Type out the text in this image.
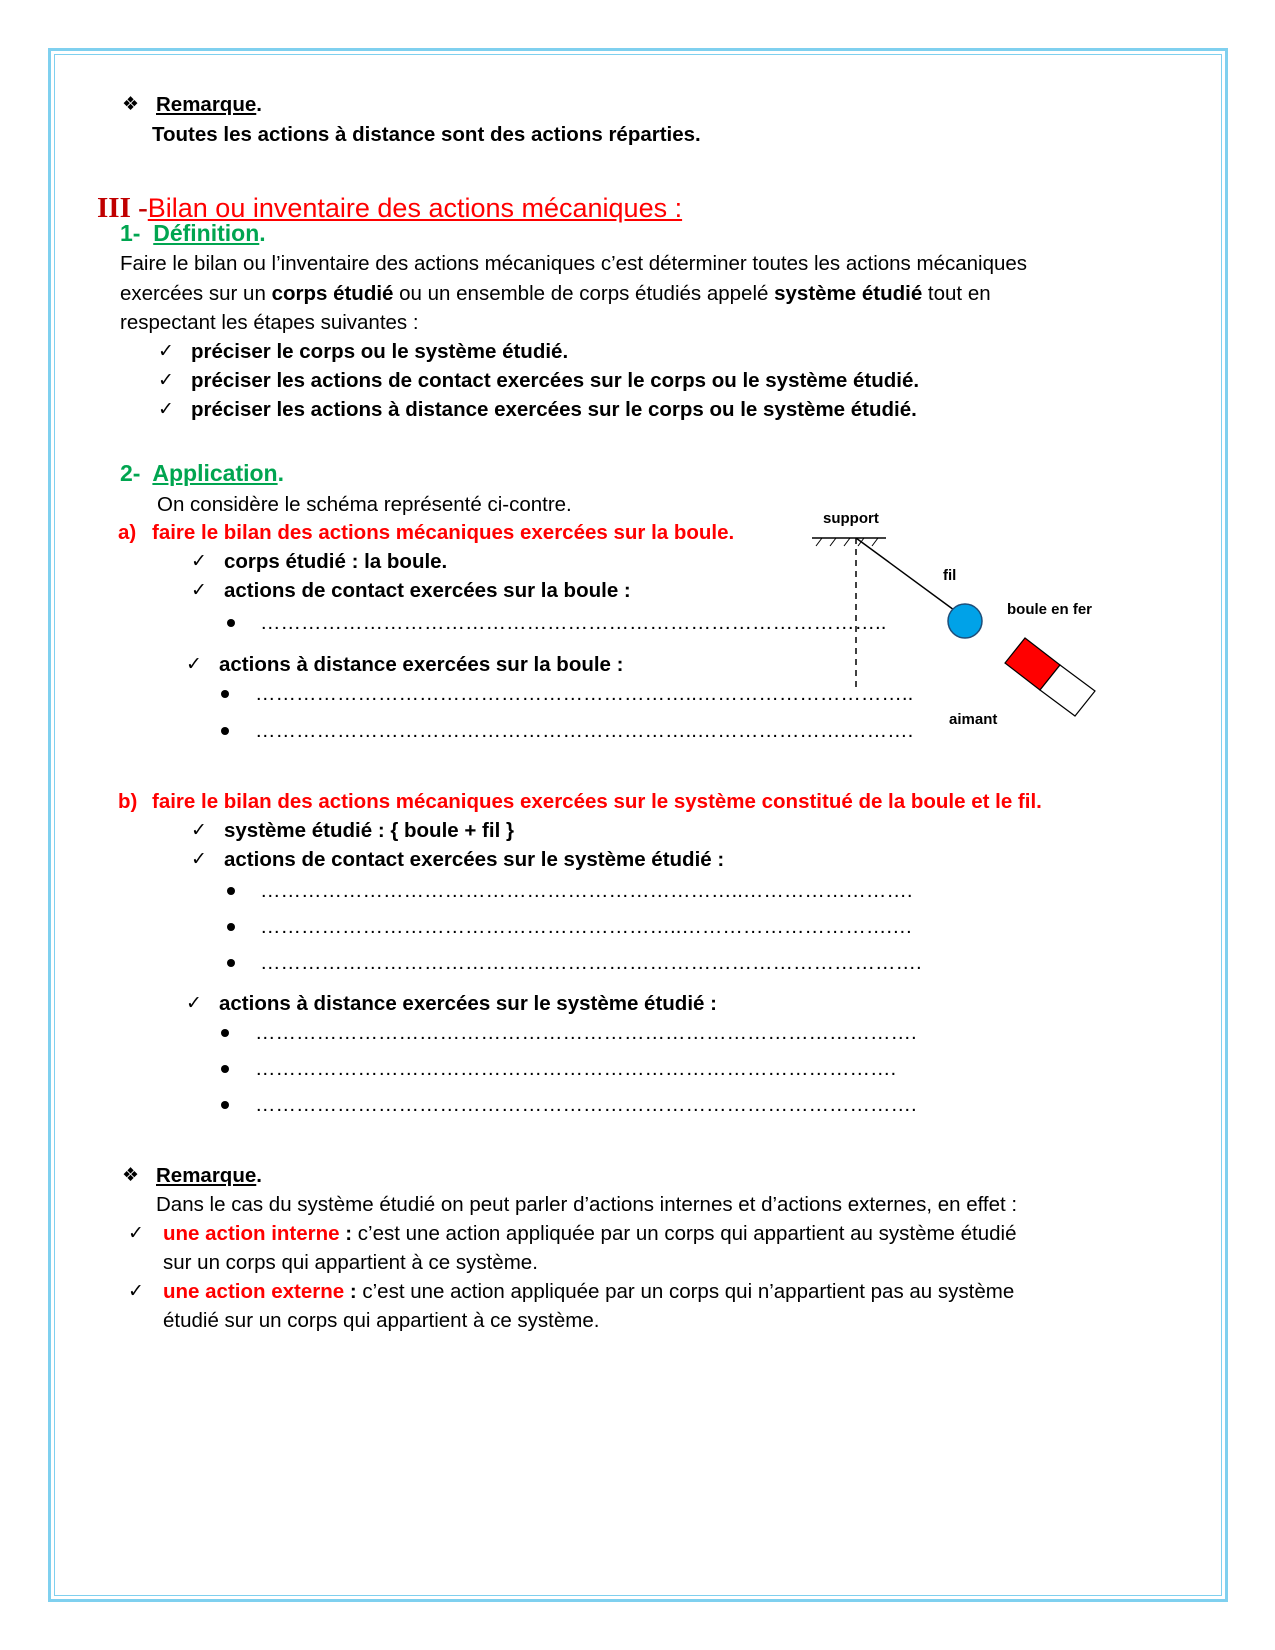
❖ Remarque.
Toutes les actions à distance sont des actions réparties.
III -Bilan ou inventaire des actions mécaniques :
1- Définition.
Faire le bilan ou l’inventaire des actions mécaniques c’est déterminer toutes les actions mécaniques
exercées sur un corps étudié ou un ensemble de corps étudiés appelé système étudié tout en
respectant les étapes suivantes :
✓ préciser le corps ou le système étudié.
✓ préciser les actions de contact exercées sur le corps ou le système étudié.
✓ préciser les actions à distance exercées sur le corps ou le système étudié.
2- Application.
On considère le schéma représenté ci-contre.
a) faire le bilan des actions mécaniques exercées sur la boule.
✓ corps étudié : la boule.
✓ actions de contact exercées sur la boule :
………………………………………………………………………………..
✓ actions à distance exercées sur la boule :
………………………………………………………..…………………………..
………………………………………………………..………………….……….
support
fil
boule en fer
aimant
b) faire le bilan des actions mécaniques exercées sur le système constitué de la boule et le fil.
✓ système étudié : { boule + fil }
✓ actions de contact exercées sur le système étudié :
……………………………………………………………..…………………….
……………………………………………………..………………………….…
…………………………………………………………………………………….
✓ actions à distance exercées sur le système étudié :
…………………………………………………………………………………….
………………………………………………………………………………….
…………………………………………………………………………………….
❖ Remarque.
Dans le cas du système étudié on peut parler d’actions internes et d’actions externes, en effet :
✓ une action interne : c’est une action appliquée par un corps qui appartient au système étudié
sur un corps qui appartient à ce système.
✓ une action externe : c’est une action appliquée par un corps qui n’appartient pas au système
étudié sur un corps qui appartient à ce système.
